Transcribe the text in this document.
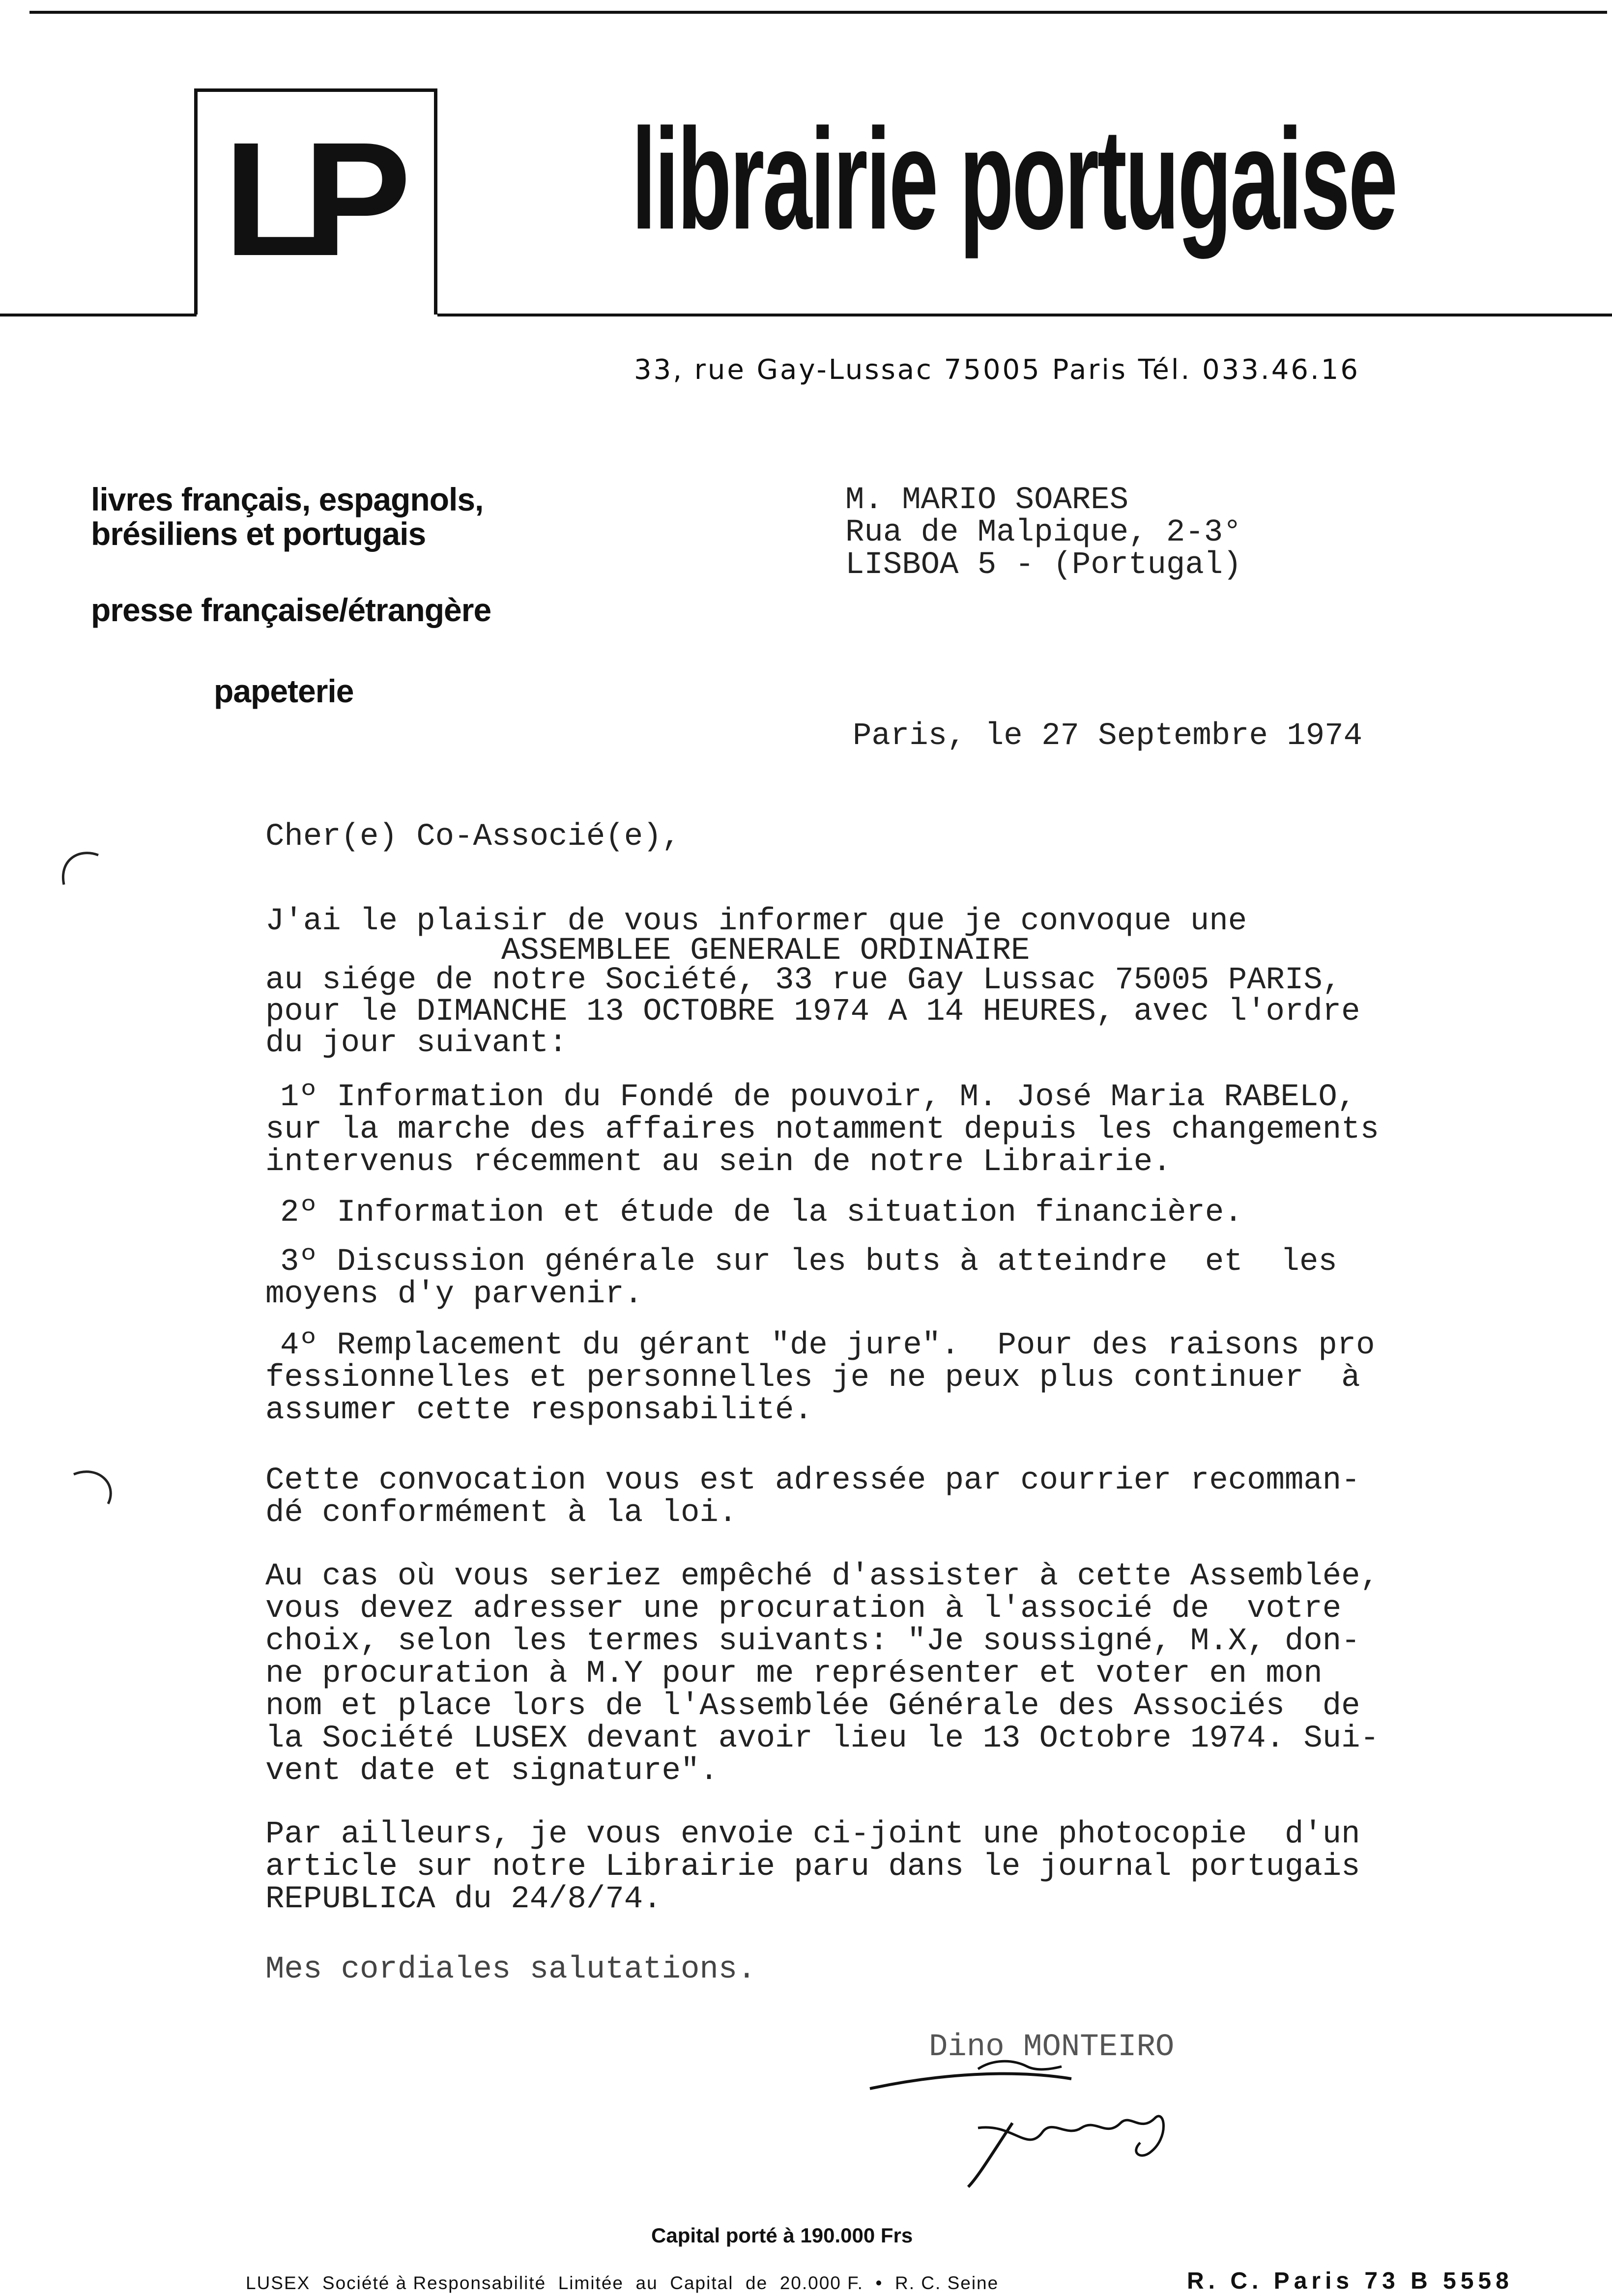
LP librairie portugaise
33, rue Gay-Lussac 75005 Paris Tél. 033.46.16
livres français, espagnols,
brésiliens et portugais
presse française/étrangère
papeterie
M. MARIO SOARES
Rua de Malpique, 2-3°
LISBOA 5 - (Portugal)
Paris, le 27 Septembre 1974
Cher(e) Co-Associé(e),
J'ai le plaisir de vous informer que je convoque une
ASSEMBLEE GENERALE ORDINAIRE
au siége de notre Société, 33 rue Gay Lussac 75005 PARIS,
pour le DIMANCHE 13 OCTOBRE 1974 A 14 HEURES, avec l'ordre
du jour suivant:
1º Information du Fondé de pouvoir, M. José Maria RABELO,
sur la marche des affaires notamment depuis les changements
intervenus récemment au sein de notre Librairie.
2º Information et étude de la situation financière.
3º Discussion générale sur les buts à atteindre  et  les
moyens d'y parvenir.
4º Remplacement du gérant "de jure".  Pour des raisons pro
fessionnelles et personnelles je ne peux plus continuer  à
assumer cette responsabilité.
Cette convocation vous est adressée par courrier recomman-
dé conformément à la loi.
Au cas où vous seriez empêché d'assister à cette Assemblée,
vous devez adresser une procuration à l'associé de  votre
choix, selon les termes suivants: "Je soussigné, M.X, don-
ne procuration à M.Y pour me représenter et voter en mon
nom et place lors de l'Assemblée Générale des Associés  de
la Société LUSEX devant avoir lieu le 13 Octobre 1974. Sui-
vent date et signature".
Par ailleurs, je vous envoie ci-joint une photocopie  d'un
article sur notre Librairie paru dans le journal portugais
REPUBLICA du 24/8/74.
Mes cordiales salutations.
Dino MONTEIRO
Capital porté à 190.000 Frs
LUSEX  Société à Responsabilité  Limitée  au  Capital  de  20.000 F.  •  R. C. Seine	R. C. Paris 73 B 5558
